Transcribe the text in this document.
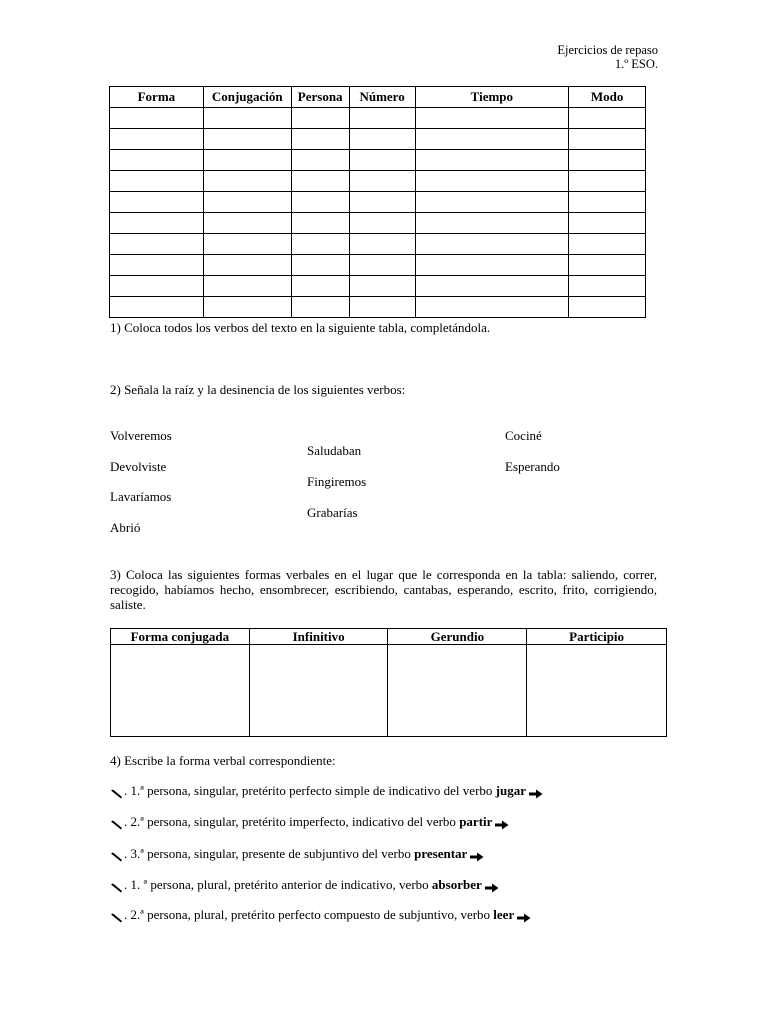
Ejercicios de repaso
1.º ESO.
Forma	Conjugación	Persona	Número	Tiempo	Modo

1) Coloca todos los verbos del texto en la siguiente tabla, completándola.
2) Señala la raíz y la desinencia de los siguientes verbos:
Volveremos
Devolviste
Lavaríamos
Abrió
Saludaban
Fingiremos
Grabarías
Cociné
Esperando
3) Coloca las siguientes formas verbales en el lugar que le corresponda en la tabla: saliendo, correr, recogido, habíamos hecho, ensombrecer, escribiendo, cantabas, esperando, escrito, frito, corrigiendo, saliste.
Forma conjugada	Infinitivo	Gerundio	Participio

4) Escribe la forma verbal correspondiente:
. 1.ª persona, singular, pretérito perfecto simple de indicativo del verbo jugar
. 2.ª persona, singular, pretérito imperfecto, indicativo del verbo partir
. 3.ª persona, singular, presente de subjuntivo del verbo presentar
. 1. ª persona, plural, pretérito anterior de indicativo, verbo absorber
. 2.ª persona, plural, pretérito perfecto compuesto de subjuntivo, verbo leer
